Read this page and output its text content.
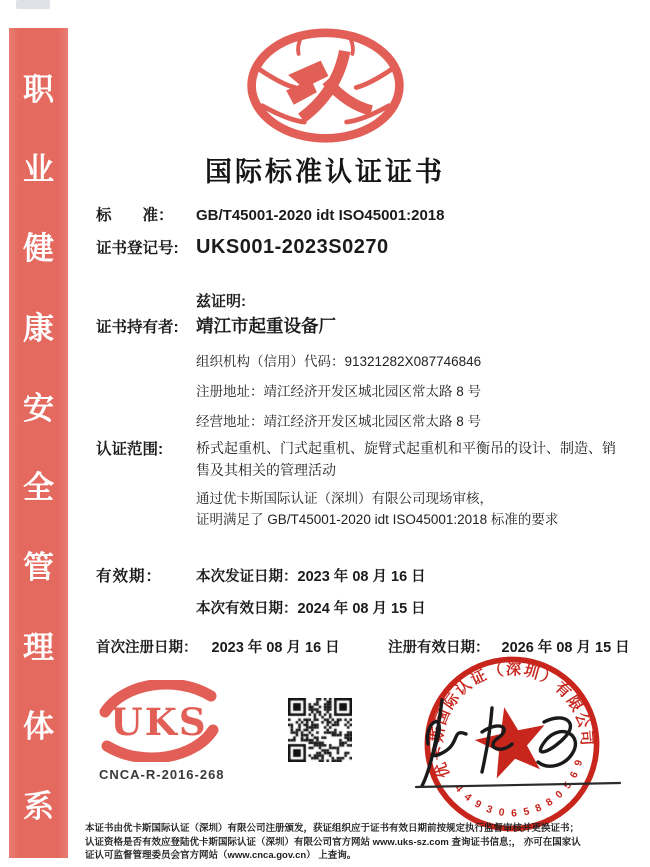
职
业
健
康
安
全
管
理
体
系
国际标准认证证书
标　　准：	GB/T45001-2020 idt ISO45001:2018
证书登记号: UKS001-2023S0270
兹证明:
证书持有者: 靖江市起重设备厂
组织机构（信用）代码：91321282X087746846
注册地址：靖江经济开发区城北园区常太路 8 号
经营地址：靖江经济开发区城北园区常太路 8 号
认证范围:	桥式起重机、门式起重机、旋臂式起重机和平衡吊的设计、制造、销售及其相关的管理活动
通过优卡斯国际认证（深圳）有限公司现场审核，
证明满足了 GB/T45001-2020 idt ISO45001:2018 标准的要求
有效期：	本次发证日期：2023 年 08 月 16 日
本次有效日期：2024 年 08 月 15 日
首次注册日期： 2023 年 08 月 16 日	注册有效日期： 2026 年 08 月 15 日
UKS
CNCA-R-2016-268	优卡斯国际认证（深圳）有限公司
4
4
9 3 0 6 5 8 8
0
5
6
9
本证书由优卡斯国际认证（深圳）有限公司注册颁发，获证组织应于证书有效日期前按规定执行监督审核并更换证书；
认证资格是否有效应登陆优卡斯国际认证（深圳）有限公司官方网站 www.uks-sz.com 查询证书信息;， 亦可在国家认
证认可监督管理委员会官方网站（www.cnca.gov.cn） 上查询。
